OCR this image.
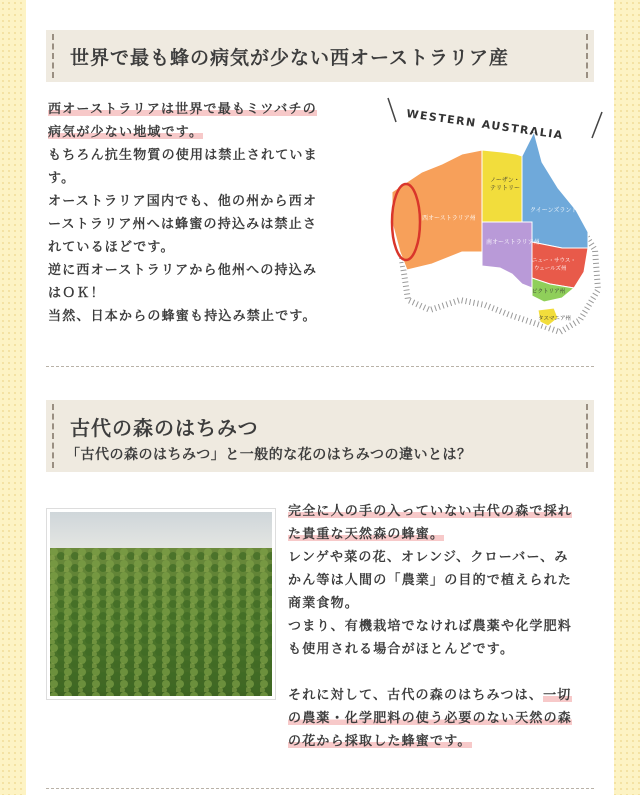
世界で最も蜂の病気が少ない西オーストラリア産
西オーストラリアは世界で最もミツバチの
病気が少ない地域です。
もちろん抗生物質の使用は禁止されていま
す。
オーストラリア国内でも、他の州から西オ
ーストラリア州へは蜂蜜の持込みは禁止さ
れているほどです。
逆に西オーストラリアから他州への持込み
はＯＫ！
当然、日本からの蜂蜜も持込み禁止です。
WESTERN AUSTRALIA
西オーストラリア州
ノーザン・
テリトリー
クイーンズランド州
南オーストラリア州
ニュー・サウス・
ウェールズ州
ビクトリア州
タスマニア州
古代の森のはちみつ
「古代の森のはちみつ」と一般的な花のはちみつの違いとは？
完全に人の手の入っていない古代の森で採れ
た貴重な天然森の蜂蜜。
レンゲや菜の花、オレンジ、クローバー、み
かん等は人間の「農業」の目的で植えられた
商業食物。
つまり、有機栽培でなければ農薬や化学肥料
も使用される場合がほとんどです。

それに対して、古代の森のはちみつは、一切
の農薬・化学肥料の使う必要のない天然の森
の花から採取した蜂蜜です。
